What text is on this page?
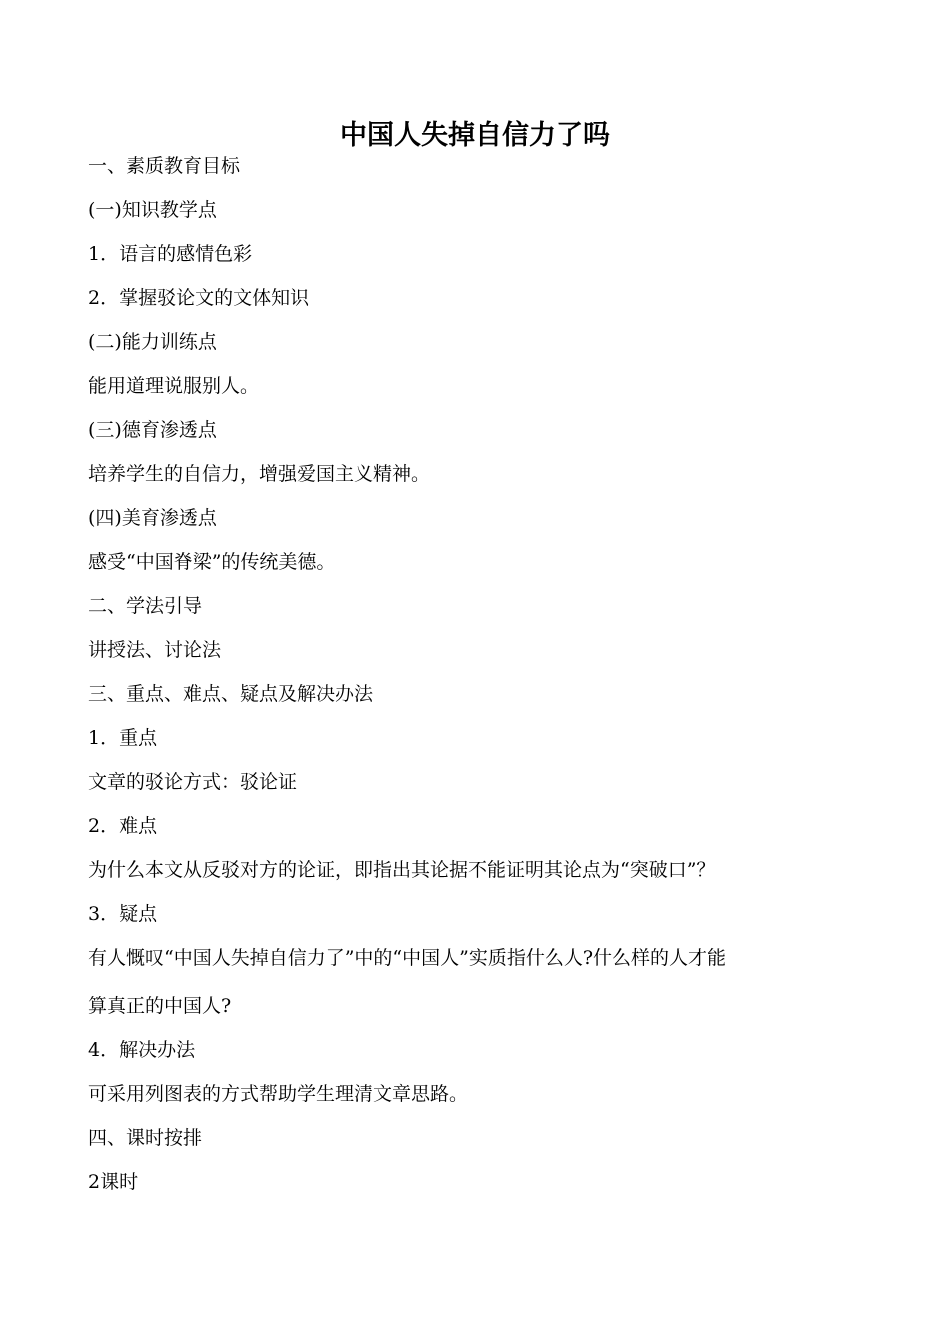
中国人失掉自信力了吗

一、素质教育目标

(一)知识教学点

1．语言的感情色彩

2．掌握驳论文的文体知识

(二)能力训练点

能用道理说服别人。

(三)德育渗透点

培养学生的自信力，增强爱国主义精神。

(四)美育渗透点

感受“中国脊梁”的传统美德。

二、学法引导

讲授法、讨论法

三、重点、难点、疑点及解决办法

1．重点

文章的驳论方式：驳论证

2．难点

为什么本文从反驳对方的论证，即指出其论据不能证明其论点为“突破口”？

3．疑点

有人慨叹“中国人失掉自信力了”中的“中国人”实质指什么人?什么样的人才能

算真正的中国人?

4．解决办法

可采用列图表的方式帮助学生理清文章思路。

四、课时按排

2课时
